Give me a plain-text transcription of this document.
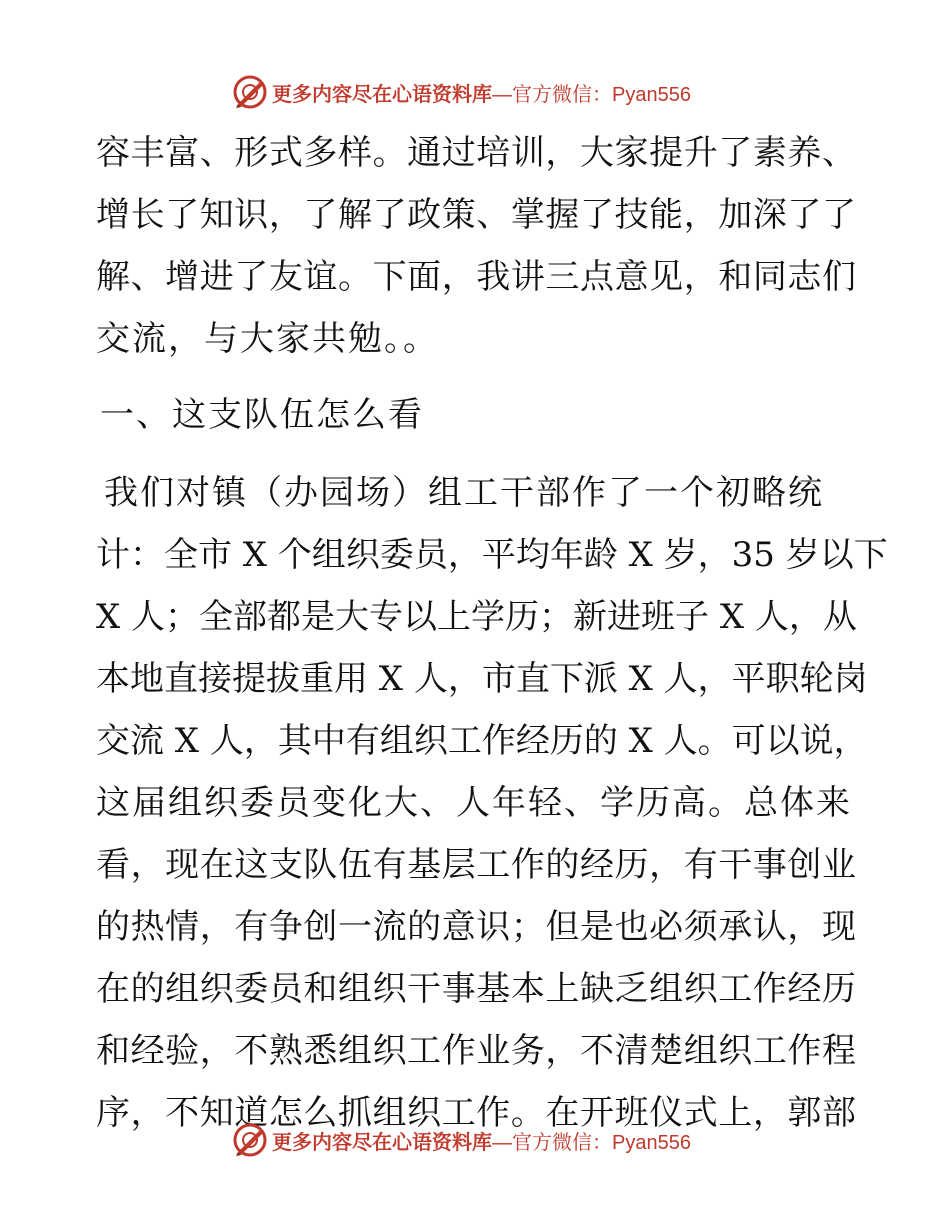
更多内容尽在心语资料库 —官方微信：Pyan556
容丰富、形式多样。通过培训，大家提升了素养、
增长了知识，了解了政策、掌握了技能，加深了了
解、增进了友谊。下面，我讲三点意见，和同志们
交流，与大家共勉。。
一、这支队伍怎么看
我们对镇（办园场）组工干部作了一个初略统
计：全市 X 个组织委员，平均年龄 X 岁，35 岁以下
X 人；全部都是大专以上学历；新进班子 X 人，从
本地直接提拔重用 X 人，市直下派 X 人，平职轮岗
交流 X 人，其中有组织工作经历的 X 人。可以说，
这届组织委员变化大、人年轻、学历高。总体来
看，现在这支队伍有基层工作的经历，有干事创业
的热情，有争创一流的意识；但是也必须承认，现
在的组织委员和组织干事基本上缺乏组织工作经历
和经验，不熟悉组织工作业务，不清楚组织工作程
序，不知道怎么抓组织工作。在开班仪式上，郭部
更多内容尽在心语资料库 —官方微信：Pyan556
